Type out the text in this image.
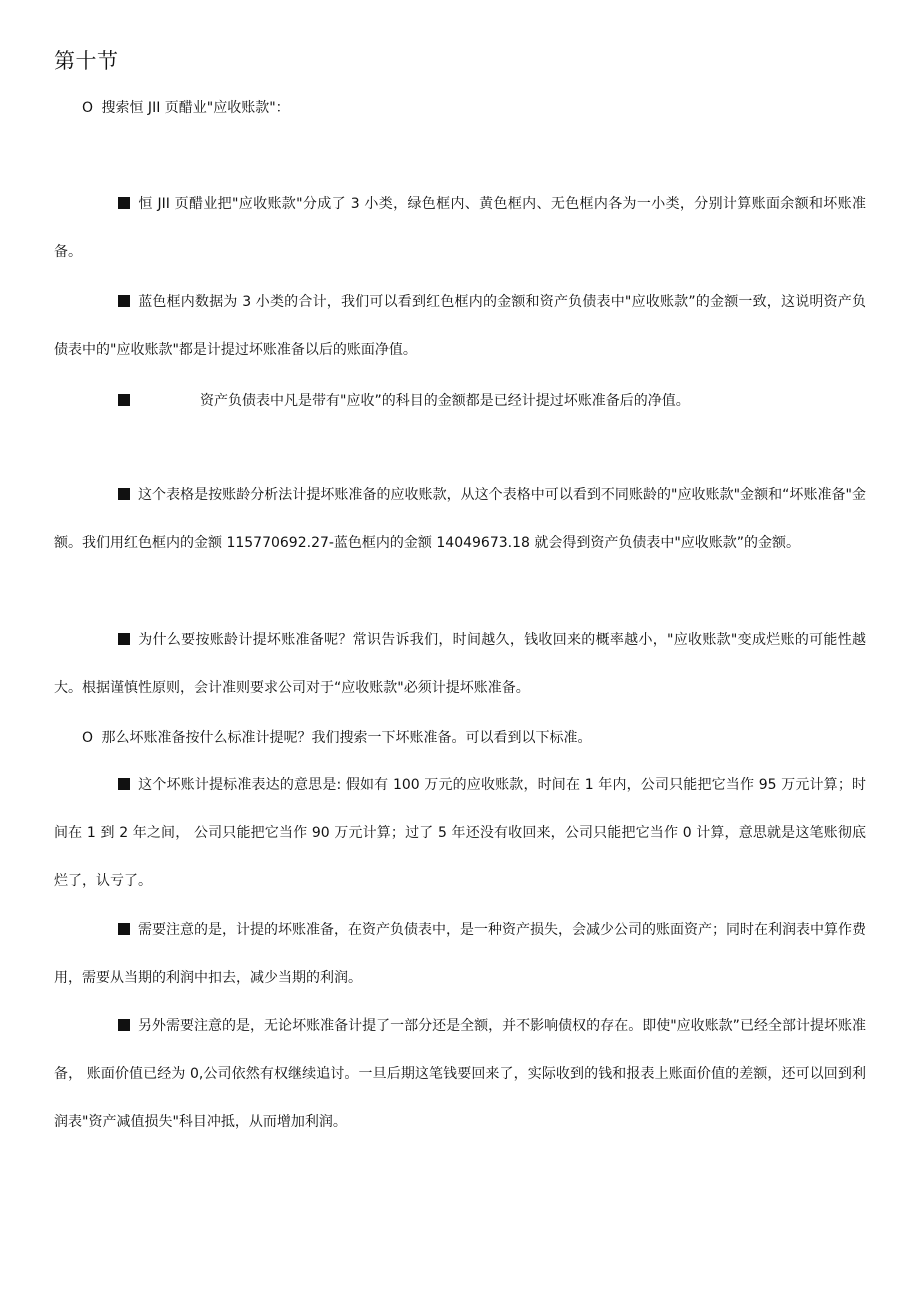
第十节
O 搜索恒 JII 页醋业"应收账款"：

恒 JII 页醋业把"应收账款"分成了 3 小类，绿色框内、黄色框内、无色框内各为一小类，分别计算账面余额和坏账准备。

蓝色框内数据为 3 小类的合计，我们可以看到红色框内的金额和资产负债表中"应收账款”的金额一致，这说明资产负债表中的"应收账款"都是计提过坏账准备以后的账面净值。

资产负债表中凡是带有"应收”的科目的金额都是已经计提过坏账准备后的净值。

这个表格是按账龄分析法计提坏账准备的应收账款，从这个表格中可以看到不同账龄的"应收账款"金额和“坏账准备"金额。我们用红色框内的金额 115770692.27-蓝色框内的金额 14049673.18 就会得到资产负债表中"应收账款”的金额。

为什么要按账龄计提坏账准备呢？常识告诉我们，时间越久，钱收回来的概率越小，"应收账款"变成烂账的可能性越大。根据谨慎性原则，会计准则要求公司对于“应收账款"必须计提坏账准备。

O 那么坏账准备按什么标准计提呢？我们搜索一下坏账准备。可以看到以下标准。

这个坏账计提标准表达的意思是: 假如有 100 万元的应收账款，时间在 1 年内，公司只能把它当作 95 万元计算；时间在 1 到 2 年之间， 公司只能把它当作 90 万元计算；过了 5 年还没有收回来，公司只能把它当作 0 计算，意思就是这笔账彻底烂了，认亏了。

需要注意的是，计提的坏账准备，在资产负债表中，是一种资产损失，会减少公司的账面资产；同时在利润表中算作费用，需要从当期的利润中扣去，减少当期的利润。

另外需要注意的是，无论坏账准备计提了一部分还是全额，并不影响债权的存在。即使"应收账款”已经全部计提坏账准备， 账面价值已经为 0,公司依然有权继续追讨。一旦后期这笔钱要回来了，实际收到的钱和报表上账面价值的差额，还可以回到利润表"资产减值损失"科目冲抵，从而增加利润。
